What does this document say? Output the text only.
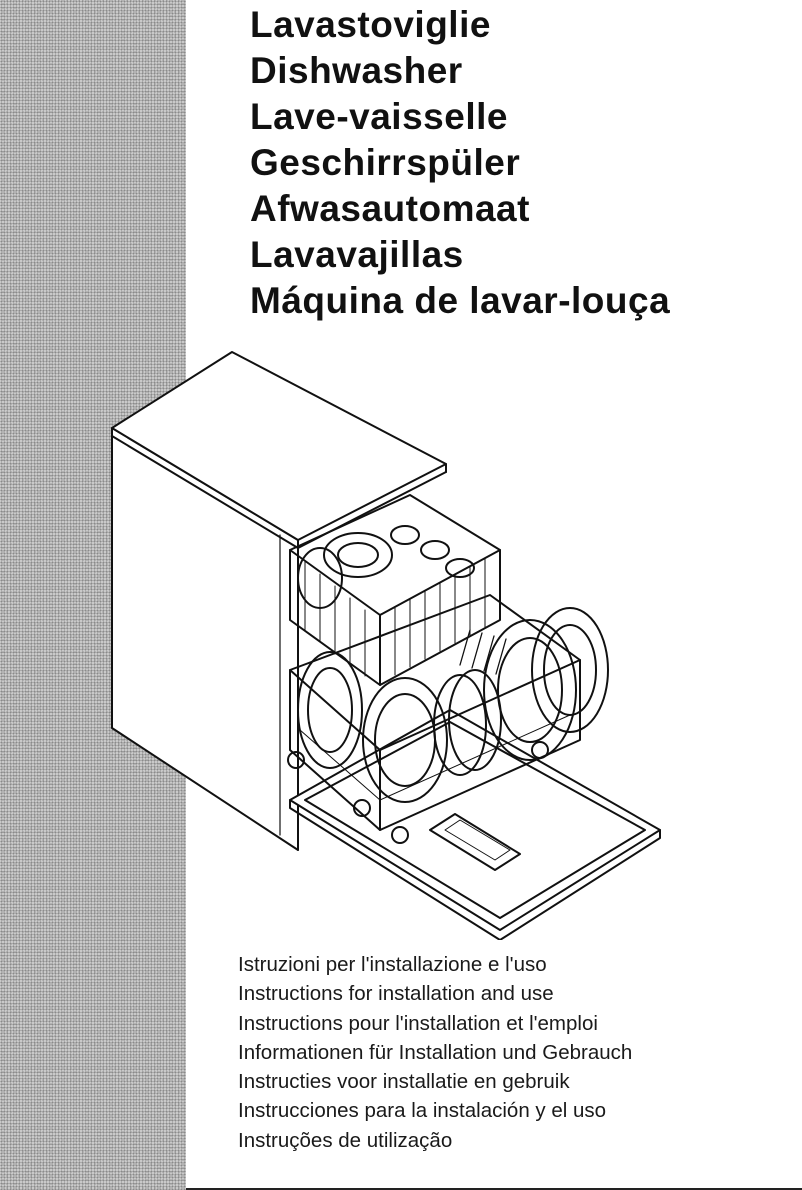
Lavastoviglie
Dishwasher
Lave-vaisselle
Geschirrspüler
Afwasautomaat
Lavavajillas
Máquina de lavar-louça
Istruzioni per l'installazione e l'uso
Instructions for installation and use
Instructions pour l'installation et l'emploi
Informationen für Installation und Gebrauch
Instructies voor installatie en gebruik
Instrucciones para la instalación y el uso
Instruções de utilização
